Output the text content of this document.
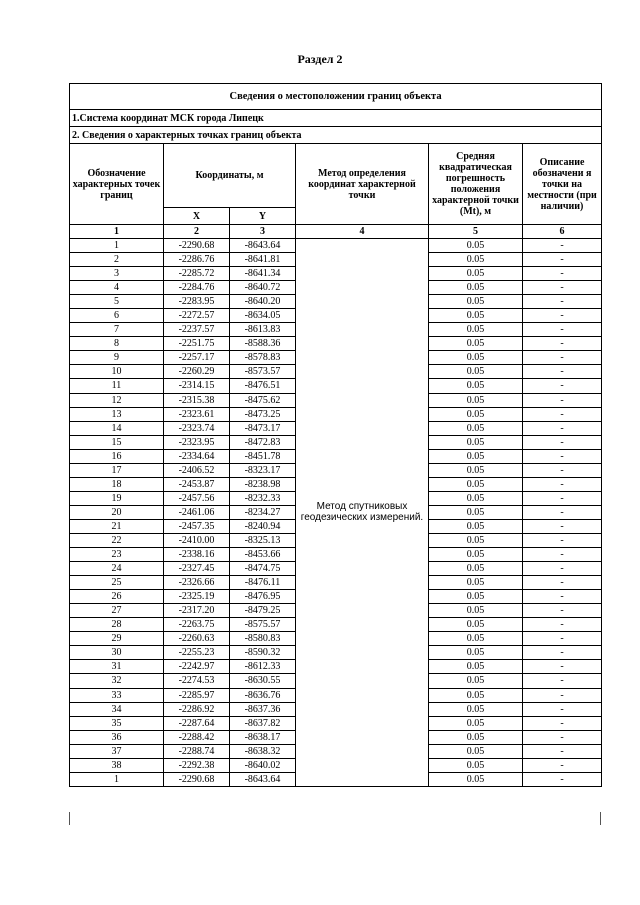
Раздел 2
Сведения о местоположении границ объекта					
1.Система координат МСК города Липецк					
2. Сведения о характерных точках границ объекта					
Обозначение характерных точек границ	Координаты, м		Метод определения координат характерной точки	Средняя квадратическая погрешность положения характерной точки (Mt), м	Описание обозначени я точки на местности (при наличии)
	X	Y			
1	2	3	4	5	6
1	-2290.68	-8643.64	Метод спутниковых геодезических измерений.	0.05	-
2	-2286.76	-8641.81		0.05	-
3	-2285.72	-8641.34		0.05	-
4	-2284.76	-8640.72		0.05	-
5	-2283.95	-8640.20		0.05	-
6	-2272.57	-8634.05		0.05	-
7	-2237.57	-8613.83		0.05	-
8	-2251.75	-8588.36		0.05	-
9	-2257.17	-8578.83		0.05	-
10	-2260.29	-8573.57		0.05	-
11	-2314.15	-8476.51		0.05	-
12	-2315.38	-8475.62		0.05	-
13	-2323.61	-8473.25		0.05	-
14	-2323.74	-8473.17		0.05	-
15	-2323.95	-8472.83		0.05	-
16	-2334.64	-8451.78		0.05	-
17	-2406.52	-8323.17		0.05	-
18	-2453.87	-8238.98		0.05	-
19	-2457.56	-8232.33		0.05	-
20	-2461.06	-8234.27		0.05	-
21	-2457.35	-8240.94		0.05	-
22	-2410.00	-8325.13		0.05	-
23	-2338.16	-8453.66		0.05	-
24	-2327.45	-8474.75		0.05	-
25	-2326.66	-8476.11		0.05	-
26	-2325.19	-8476.95		0.05	-
27	-2317.20	-8479.25		0.05	-
28	-2263.75	-8575.57		0.05	-
29	-2260.63	-8580.83		0.05	-
30	-2255.23	-8590.32		0.05	-
31	-2242.97	-8612.33		0.05	-
32	-2274.53	-8630.55		0.05	-
33	-2285.97	-8636.76		0.05	-
34	-2286.92	-8637.36		0.05	-
35	-2287.64	-8637.82		0.05	-
36	-2288.42	-8638.17		0.05	-
37	-2288.74	-8638.32		0.05	-
38	-2292.38	-8640.02		0.05	-
1	-2290.68	-8643.64		0.05	-
